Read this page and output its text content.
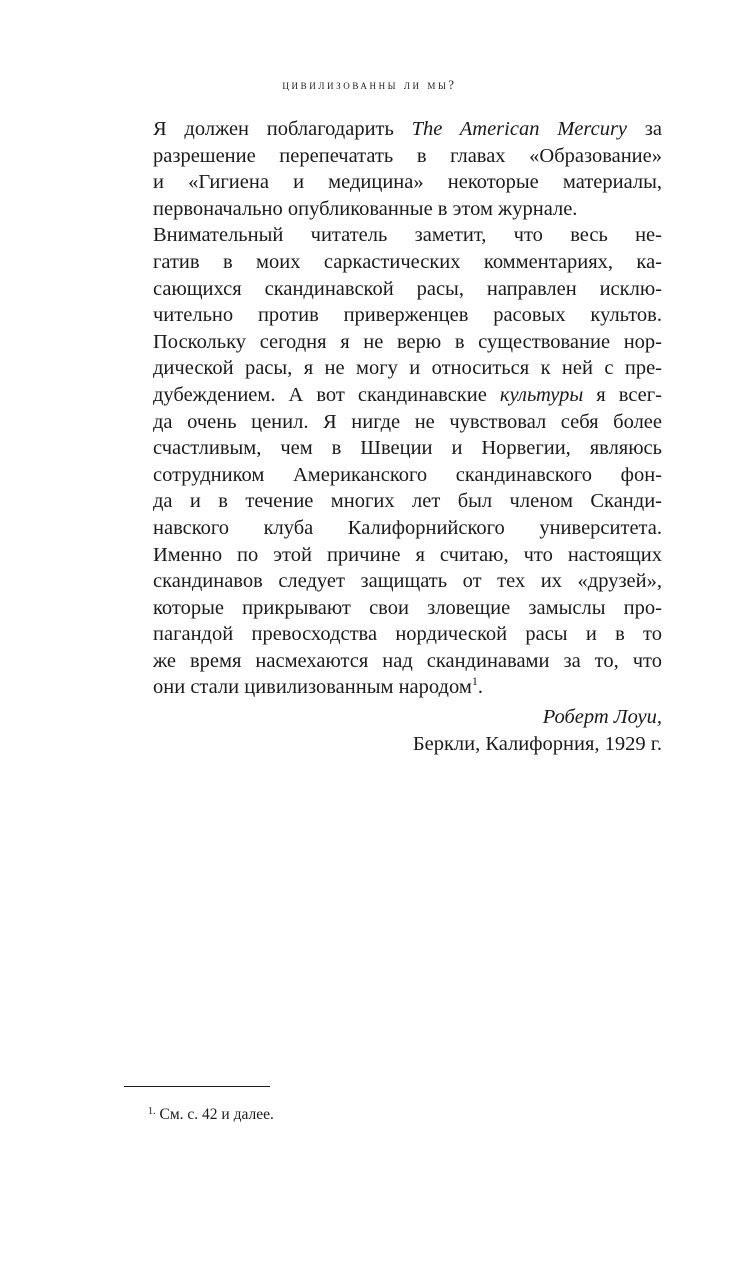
цивилизованны ли мы?

Я должен поблагодарить The American Mercury за
разрешение перепечатать в главах «Образование»
и «Гигиена и медицина» некоторые материалы,
первоначально опубликованные в этом журнале.

Внимательный читатель заметит, что весь не-
гатив в моих саркастических комментариях, ка-
сающихся скандинавской расы, направлен исклю-
чительно против приверженцев расовых культов.
Поскольку сегодня я не верю в существование нор-
дической расы, я не могу и относиться к ней с пре-
дубеждением. А вот скандинавские культуры я всег-
да очень ценил. Я нигде не чувствовал себя более
счастливым, чем в Швеции и Норвегии, являюсь
сотрудником Американского скандинавского фон-
да и в течение многих лет был членом Сканди-
навского клуба Калифорнийского университета.
Именно по этой причине я считаю, что настоящих
скандинавов следует защищать от тех их «друзей»,
которые прикрывают свои зловещие замыслы про-
пагандой превосходства нордической расы и в то
же время насмехаются над скандинавами за то, что
они стали цивилизованным народом$^1$.

Роберт Лоуи,
Беркли, Калифорния, 1929 г.
$^{1.}$ См. с. 42 и далее.
